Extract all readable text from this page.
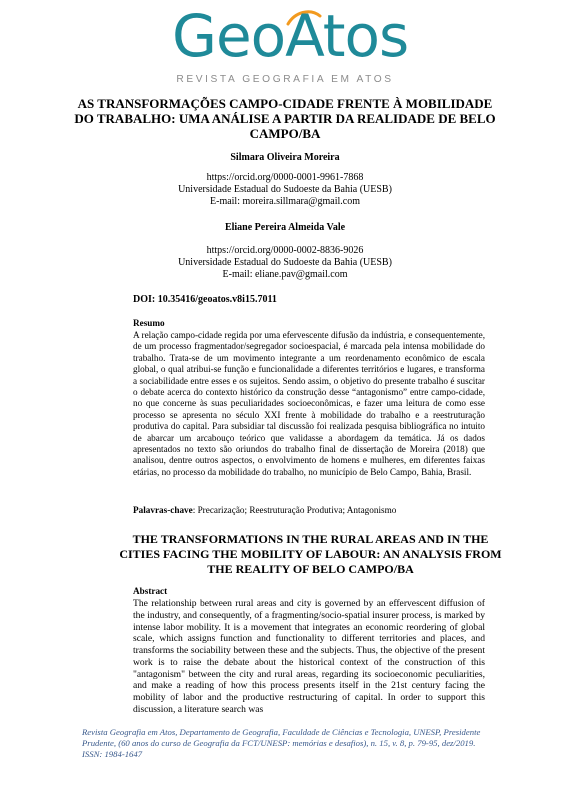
GeoAtos
REVISTA GEOGRAFIA EM ATOS
AS TRANSFORMAÇÕES CAMPO-CIDADE FRENTE À MOBILIDADE DO TRABALHO: UMA ANÁLISE A PARTIR DA REALIDADE DE BELO CAMPO/BA

Silmara Oliveira Moreira

https://orcid.org/0000-0001-9961-7868

Universidade Estadual do Sudoeste da Bahia (UESB)

E-mail: moreira.sillmara@gmail.com

Eliane Pereira Almeida Vale

https://orcid.org/0000-0002-8836-9026

Universidade Estadual do Sudoeste da Bahia (UESB)

E-mail: eliane.pav@gmail.com

DOI: 10.35416/geoatos.v8i15.7011

Resumo

A relação campo-cidade regida por uma efervescente difusão da indústria, e consequentemente, de um processo fragmentador/segregador socioespacial, é marcada pela intensa mobilidade do trabalho. Trata-se de um movimento integrante a um reordenamento econômico de escala global, o qual atribui-se função e funcionalidade a diferentes territórios e lugares, e transforma a sociabilidade entre esses e os sujeitos. Sendo assim, o objetivo do presente trabalho é suscitar o debate acerca do contexto histórico da construção desse “antagonismo” entre campo-cidade, no que concerne às suas peculiaridades socioeconômicas, e fazer uma leitura de como esse processo se apresenta no século XXI frente à mobilidade do trabalho e a reestruturação produtiva do capital. Para subsidiar tal discussão foi realizada pesquisa bibliográfica no intuito de abarcar um arcabouço teórico que validasse a abordagem da temática. Já os dados apresentados no texto são oriundos do trabalho final de dissertação de Moreira (2018) que analisou, dentre outros aspectos, o envolvimento de homens e mulheres, em diferentes faixas etárias, no processo da mobilidade do trabalho, no município de Belo Campo, Bahia, Brasil.

Palavras-chave: Precarização; Reestruturação Produtiva; Antagonismo

THE TRANSFORMATIONS IN THE RURAL AREAS AND IN THE CITIES FACING THE MOBILITY OF LABOUR: AN ANALYSIS FROM THE REALITY OF BELO CAMPO/BA

Abstract

The relationship between rural areas and city is governed by an effervescent diffusion of the industry, and consequently, of a fragmenting/socio-spatial insurer process, is marked by intense labor mobility. It is a movement that integrates an economic reordering of global scale, which assigns function and functionality to different territories and places, and transforms the sociability between these and the subjects. Thus, the objective of the present work is to raise the debate about the historical context of the construction of this "antagonism" between the city and rural areas, regarding its socioeconomic peculiarities, and make a reading of how this process presents itself in the 21st century facing the mobility of labor and the productive restructuring of capital. In order to support this discussion, a literature search was

Revista Geografia em Atos, Departamento de Geografia, Faculdade de Ciências e Tecnologia, UNESP, Presidente Prudente, (60 anos do curso de Geografia da FCT/UNESP: memórias e desafios), n. 15, v. 8, p. 79-95, dez/2019. ISSN: 1984-1647
